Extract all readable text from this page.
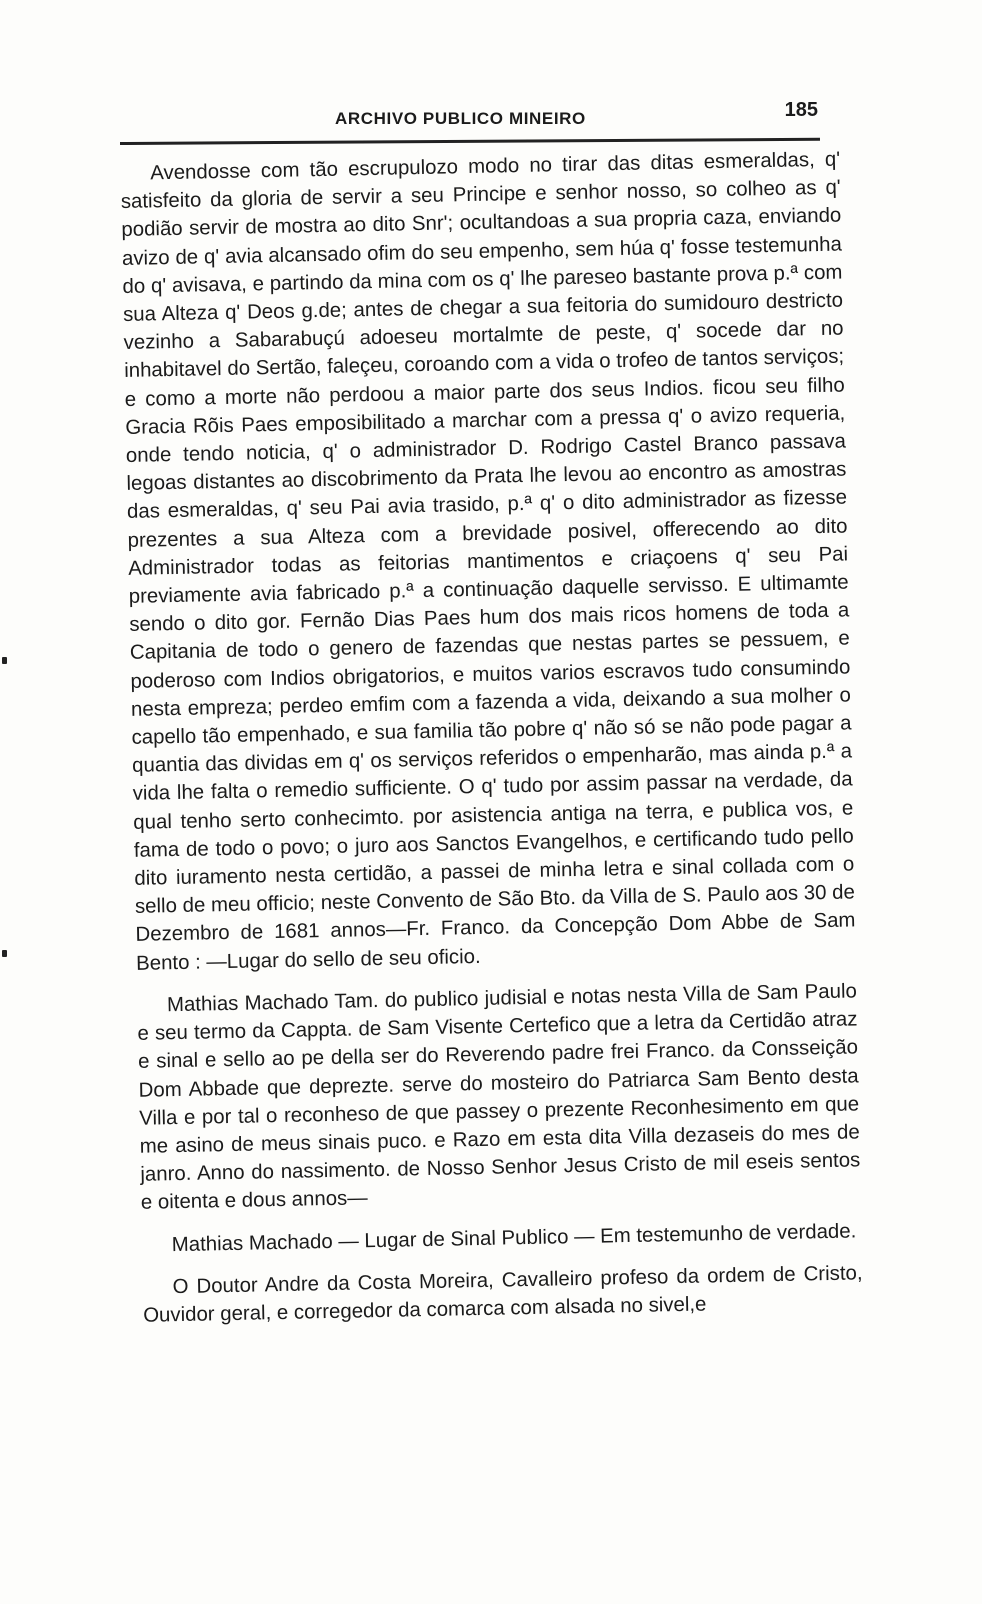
ARCHIVO PUBLICO MINEIRO	185

Avendosse com tão escrupulozo modo no tirar das ditas esmeraldas, q' satisfeito da gloria de servir a seu Principe e senhor nosso, so colheo as q' podião servir de mostra ao dito Snr'; ocultandoas a sua propria caza, enviando avizo de q' avia alcansado ofim do seu empenho, sem húa q' fosse testemunha do q' avisava, e partindo da mina com os q' lhe pareseo bastante prova p.ª com sua Alteza q' Deos g.de; antes de chegar a sua feitoria do sumidouro destricto vezinho a Sabarabuçú adoeseu mortalmte de peste, q' socede dar no inhabitavel do Sertão, faleçeu, coroando com a vida o trofeo de tantos serviços; e como a morte não perdoou a maior parte dos seus Indios. ficou seu filho Gracia Rõis Paes emposibilitado a marchar com a pressa q' o avizo requeria, onde tendo noticia, q' o administrador D. Rodrigo Castel Branco passava legoas distantes ao discobrimento da Prata lhe levou ao encontro as amostras das esmeraldas, q' seu Pai avia trasido, p.ª q' o dito administrador as fizesse prezentes a sua Alteza com a brevidade posivel, offerecendo ao dito Administrador todas as feitorias mantimentos e criaçoens q' seu Pai previamente avia fabricado p.ª a continuação daquelle servisso. E ultimamte sendo o dito gor. Fernão Dias Paes hum dos mais ricos homens de toda a Capitania de todo o genero de fazendas que nestas partes se pessuem, e poderoso com Indios obrigatorios, e muitos varios escravos tudo consumindo nesta empreza; perdeo emfim com a fazenda a vida, deixando a sua molher o capello tão empenhado, e sua familia tão pobre q' não só se não pode pagar a quantia das dividas em q' os serviços referidos o empenharão, mas ainda p.ª a vida lhe falta o remedio sufficiente. O q' tudo por assim passar na verdade, da qual tenho serto conhecimto. por asistencia antiga na terra, e publica vos, e fama de todo o povo; o juro aos Sanctos Evangelhos, e certificando tudo pello dito iuramento nesta certidão, a passei de minha letra e sinal collada com o sello de meu officio; neste Convento de São Bto. da Villa de S. Paulo aos 30 de Dezembro de 1681 annos—Fr. Franco. da Concepção Dom Abbe de Sam Bento : —Lugar do sello de seu oficio.

Mathias Machado Tam. do publico judisial e notas nesta Villa de Sam Paulo e seu termo da Cappta. de Sam Visente Certefico que a letra da Certidão atraz e sinal e sello ao pe della ser do Reverendo padre frei Franco. da Consseição Dom Abbade que deprezte. serve do mosteiro do Patriarca Sam Bento desta Villa e por tal o reconheso de que passey o prezente Reconhesimento em que me asino de meus sinais puco. e Razo em esta dita Villa dezaseis do mes de janro. Anno do nassimento. de Nosso Senhor Jesus Cristo de mil eseis sentos e oitenta e dous annos—

Mathias Machado — Lugar de Sinal Publico — Em testemunho de verdade.

O Doutor Andre da Costa Moreira, Cavalleiro profeso da ordem de Cristo, Ouvidor geral, e corregedor da comarca com alsada no sivel,e
